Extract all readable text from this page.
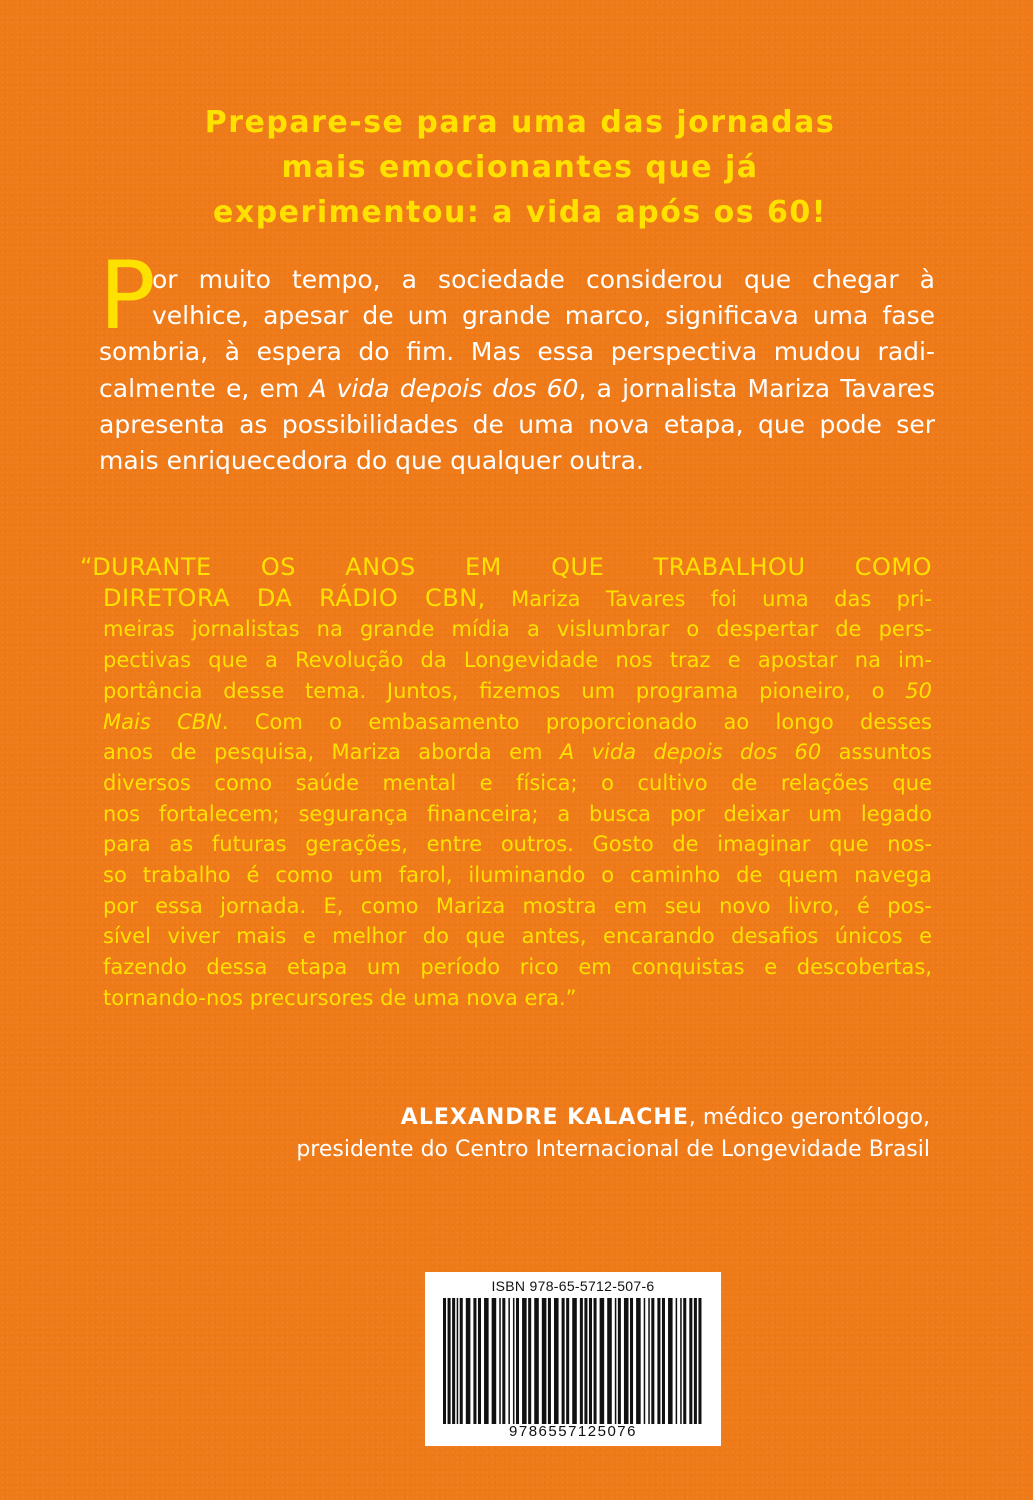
Prepare-se para uma das jornadas
mais emocionantes que já
experimentou: a vida após os 60!
P
or muito tempo, a sociedade considerou que chegar à
velhice, apesar de um grande marco, significava uma fase
sombria, à espera do fim. Mas essa perspectiva mudou radi-
calmente e, em A vida depois dos 60, a jornalista Mariza Tavares
apresenta as possibilidades de uma nova etapa, que pode ser
mais enriquecedora do que qualquer outra.
“DURANTE OS ANOS EM QUE TRABALHOU COMO
DIRETORA DA RÁDIO CBN, Mariza Tavares foi uma das pri-
meiras jornalistas na grande mídia a vislumbrar o despertar de pers-
pectivas que a Revolução da Longevidade nos traz e apostar na im-
portância desse tema. Juntos, fizemos um programa pioneiro, o 50
Mais CBN. Com o embasamento proporcionado ao longo desses
anos de pesquisa, Mariza aborda em A vida depois dos 60 assuntos
diversos como saúde mental e física; o cultivo de relações que
nos fortalecem; segurança financeira; a busca por deixar um legado
para as futuras gerações, entre outros. Gosto de imaginar que nos-
so trabalho é como um farol, iluminando o caminho de quem navega
por essa jornada. E, como Mariza mostra em seu novo livro, é pos-
sível viver mais e melhor do que antes, encarando desafios únicos e
fazendo dessa etapa um período rico em conquistas e descobertas,
tornando-nos precursores de uma nova era.”
ALEXANDRE KALACHE, médico gerontólogo,
presidente do Centro Internacional de Longevidade Brasil
ISBN 978-65-5712-507-6
9786557125076
